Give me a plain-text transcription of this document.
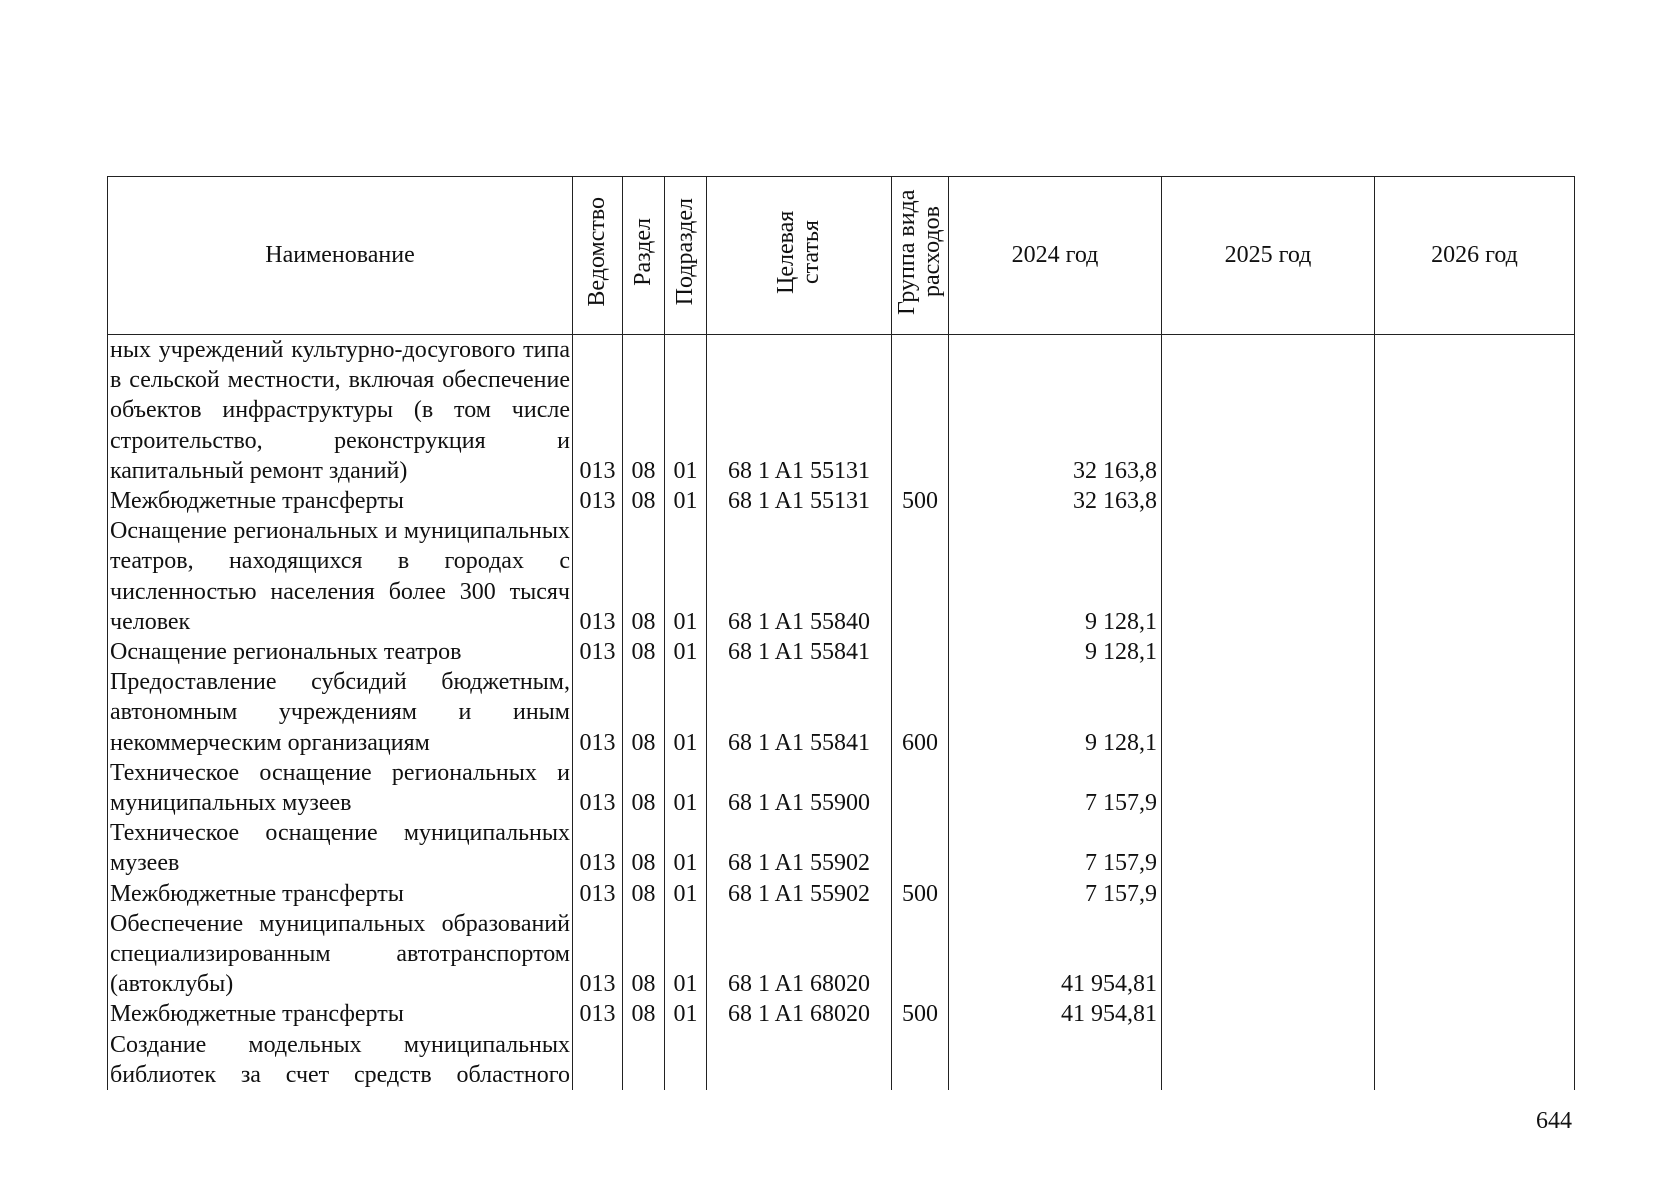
Наименование	Ведомство	Раздел	Подраздел	Целевая статья	Группа вида расходов	2024 год	2025 год	2026 год
ных учреждений культурно-досугового типа в сельской местности, включая обеспечение объектов инфраструктуры (в том числе строительство, реконструкция и капитальный ремонт зданий)	013	08	01	68 1 A1 55131		32 163,8		
Межбюджетные трансферты	013	08	01	68 1 A1 55131	500	32 163,8		
Оснащение региональных и муниципальных театров, находящихся в городах с численностью населения более 300 тысяч человек	013	08	01	68 1 A1 55840		9 128,1		
Оснащение региональных театров	013	08	01	68 1 A1 55841		9 128,1		
Предоставление субсидий бюджетным, автономным учреждениям и иным некоммерческим организациям	013	08	01	68 1 A1 55841	600	9 128,1		
Техническое оснащение региональных и муниципальных музеев	013	08	01	68 1 A1 55900		7 157,9		
Техническое оснащение муниципальных музеев	013	08	01	68 1 A1 55902		7 157,9		
Межбюджетные трансферты	013	08	01	68 1 A1 55902	500	7 157,9		
Обеспечение муниципальных образований специализированным автотранспортом (автоклубы)	013	08	01	68 1 A1 68020		41 954,81		
Межбюджетные трансферты	013	08	01	68 1 A1 68020	500	41 954,81		
Создание модельных муниципальных библиотек за счет средств областного								
644
